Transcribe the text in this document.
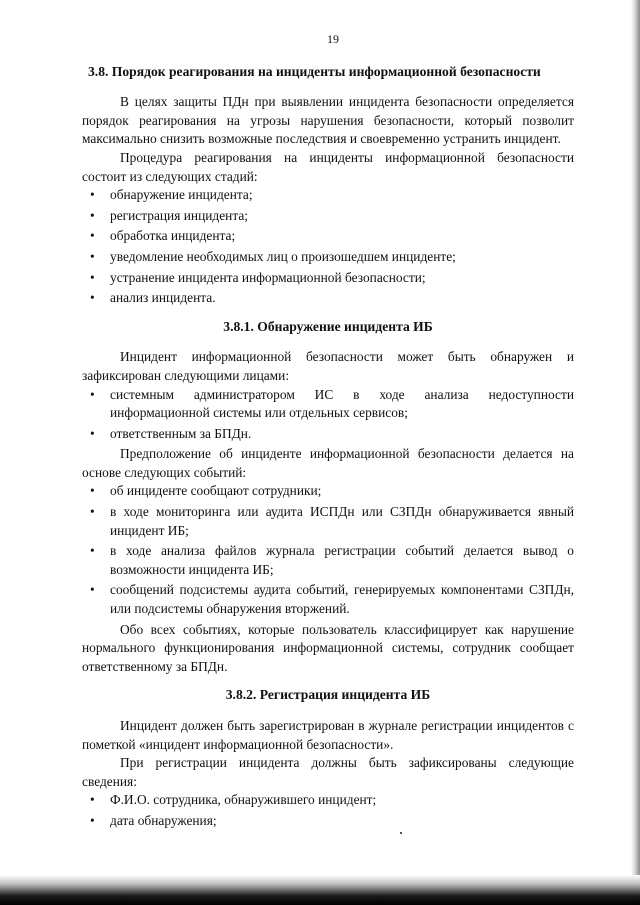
19
3.8. Порядок реагирования на инциденты информационной безопасности

В целях защиты ПДн при выявлении инцидента безопасности определяется порядок реагирования на угрозы нарушения безопасности, который позволит максимально снизить возможные последствия и своевременно устранить инцидент.

Процедура реагирования на инциденты информационной безопасности состоит из следующих стадий:

• обнаружение инцидента;
• регистрация инцидента;
• обработка инцидента;
• уведомление необходимых лиц о произошедшем инциденте;
• устранение инцидента информационной безопасности;
• анализ инцидента.
3.8.1. Обнаружение инцидента ИБ

Инцидент информационной безопасности может быть обнаружен и зафиксирован следующими лицами:

• системным администратором ИС в ходе анализа недоступности информационной системы или отдельных сервисов;
• ответственным за БПДн.

Предположение об инциденте информационной безопасности делается на основе следующих событий:

• об инциденте сообщают сотрудники;
• в ходе мониторинга или аудита ИСПДн или СЗПДн обнаруживается явный инцидент ИБ;
• в ходе анализа файлов журнала регистрации событий делается вывод о возможности инцидента ИБ;
• сообщений подсистемы аудита событий, генерируемых компонентами СЗПДн, или подсистемы обнаружения вторжений.

Обо всех событиях, которые пользователь классифицирует как нарушение нормального функционирования информационной системы, сотрудник сообщает ответственному за БПДн.

3.8.2. Регистрация инцидента ИБ

Инцидент должен быть зарегистрирован в журнале регистрации инцидентов с пометкой «инцидент информационной безопасности».

При регистрации инцидента должны быть зафиксированы следующие сведения:

• Ф.И.О. сотрудника, обнаружившего инцидент;
• дата обнаружения;
